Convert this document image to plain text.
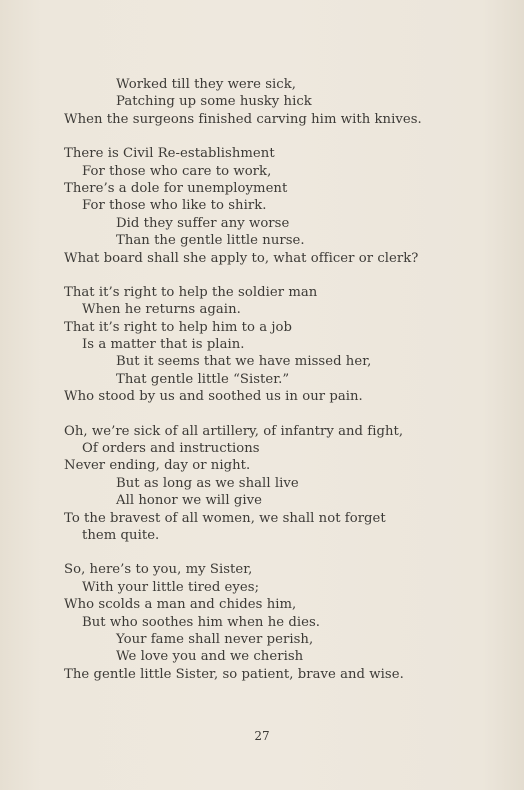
Worked till they were sick,
Patching up some husky hick
When the surgeons finished carving him with knives.
There is Civil Re-establishment
For those who care to work,
There’s a dole for unemployment
For those who like to shirk.
Did they suffer any worse
Than the gentle little nurse.
What board shall she apply to, what officer or clerk?
That it’s right to help the soldier man
When he returns again.
That it’s right to help him to a job
Is a matter that is plain.
But it seems that we have missed her,
That gentle little “Sister.”
Who stood by us and soothed us in our pain.
Oh, we’re sick of all artillery, of infantry and fight,
Of orders and instructions
Never ending, day or night.
But as long as we shall live
All honor we will give
To the bravest of all women, we shall not forget
them quite.
So, here’s to you, my Sister,
With your little tired eyes;
Who scolds a man and chides him,
But who soothes him when he dies.
Your fame shall never perish,
We love you and we cherish
The gentle little Sister, so patient, brave and wise.
27
